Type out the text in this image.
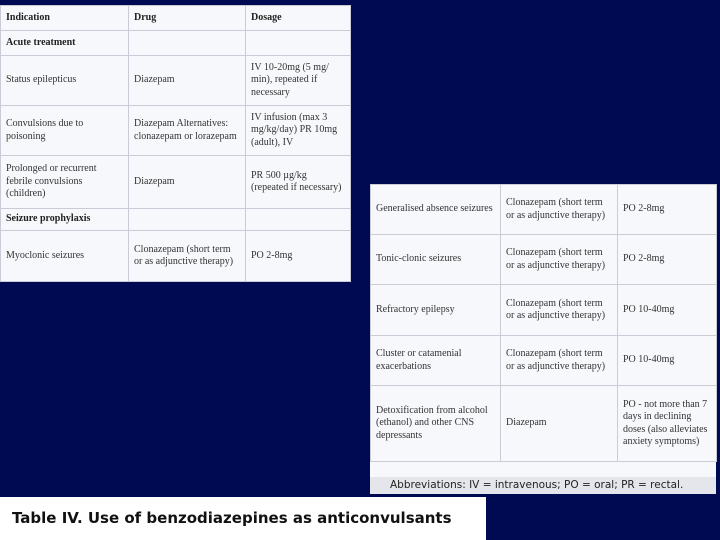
Indication	Drug	Dosage
Acute treatment		
Status epilepticus	Diazepam	IV 10-20mg (5 mg/ min), repeated if necessary
Convulsions due to poisoning	Diazepam Alternatives: clonazepam or lorazepam	IV infusion (max 3 mg/kg/day) PR 10mg (adult), IV
Prolonged or recurrent febrile convulsions (children)	Diazepam	PR 500 µg/kg (repeated if necessary)
Seizure prophylaxis		
Myoclonic seizures	Clonazepam (short term or as adjunctive therapy)	PO 2-8mg
Generalised absence seizures	Clonazepam (short term or as adjunctive therapy)	PO 2-8mg
Tonic-clonic seizures	Clonazepam (short term or as adjunctive therapy)	PO 2-8mg
Refractory epilepsy	Clonazepam (short term or as adjunctive therapy)	PO 10-40mg
Cluster or catamenial exacerbations	Clonazepam (short term or as adjunctive therapy)	PO 10-40mg
Detoxification from alcohol (ethanol) and other CNS depressants	Diazepam	PO - not more than 7 days in declining doses (also alleviates anxiety symptoms)
Abbreviations: IV = intravenous; PO = oral; PR = rectal.
Table IV. Use of benzodiazepines as anticonvulsants
